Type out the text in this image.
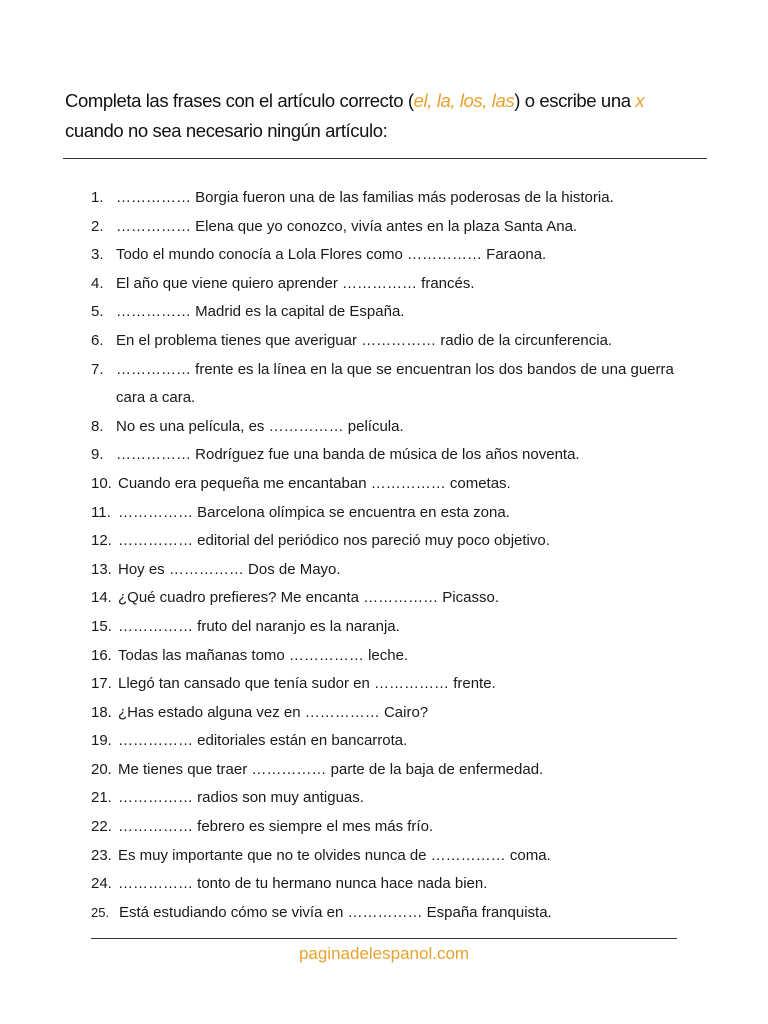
Completa las frases con el artículo correcto (el, la, los, las) o escribe una x
cuando no sea necesario ningún artículo:
1. …………… Borgia fueron una de las familias más poderosas de la historia.
2. …………… Elena que yo conozco, vivía antes en la plaza Santa Ana.
3. Todo el mundo conocía a Lola Flores como …………… Faraona.
4. El año que viene quiero aprender …………… francés.
5. …………… Madrid es la capital de España.
6. En el problema tienes que averiguar …………… radio de la circunferencia.
7. …………… frente es la línea en la que se encuentran los dos bandos de una guerra cara a cara.
8. No es una película, es …………… película.
9. …………… Rodríguez fue una banda de música de los años noventa.
10. Cuando era pequeña me encantaban …………… cometas.
11. …………… Barcelona olímpica se encuentra en esta zona.
12. …………… editorial del periódico nos pareció muy poco objetivo.
13. Hoy es …………… Dos de Mayo.
14. ¿Qué cuadro prefieres? Me encanta …………… Picasso.
15. …………… fruto del naranjo es la naranja.
16. Todas las mañanas tomo …………… leche.
17. Llegó tan cansado que tenía sudor en …………… frente.
18. ¿Has estado alguna vez en …………… Cairo?
19. …………… editoriales están en bancarrota.
20. Me tienes que traer …………… parte de la baja de enfermedad.
21. …………… radios son muy antiguas.
22. …………… febrero es siempre el mes más frío.
23. Es muy importante que no te olvides nunca de …………… coma.
24. …………… tonto de tu hermano nunca hace nada bien.
25. Está estudiando cómo se vivía en …………… España franquista.
paginadelespanol.com
